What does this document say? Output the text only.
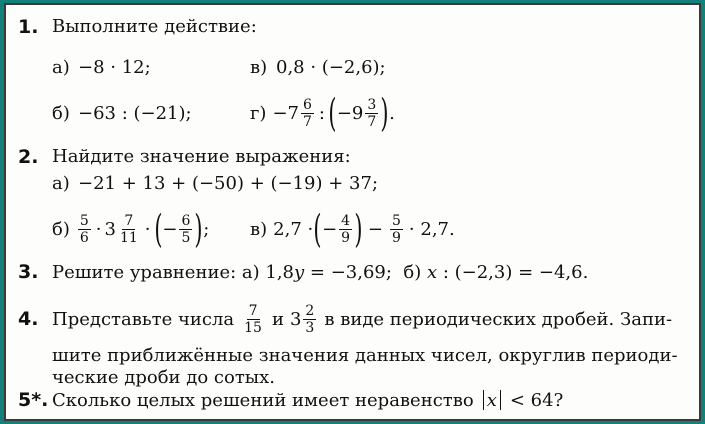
1. Выполните действие:
а) −8 · 12;	в) 0,8 · (−2,6);
б) −63 : (−21);	$г) -7 \frac{6}{7}$ : ( $-9 \frac{3}{7}$ ) .
2. Найдите значение выражения:
а) −21 + 13 + (−50) + (−19) + 37;
$б) \frac{5}{6} \cdot 3 \frac{7}{11}$ · ( − $\frac{6}{5}$ ) ; в) 2,7 · ( − $\frac{4}{9}$ ) − $\frac{5}{9} \cdot 2,7$.
3. Решите уравнение: а) 1,8 y = −3,69;  б) x : (−2,3) = −4,6.
4. Представьте числа $\frac{7}{15}$ и $3 \frac{2}{3}$ в виде периодических дробей. Запи-
шите приближённые значения данных чисел, округлив периоди-
ческие дроби до сотых.
5*. Сколько целых решений имеет неравенство x < 64?
